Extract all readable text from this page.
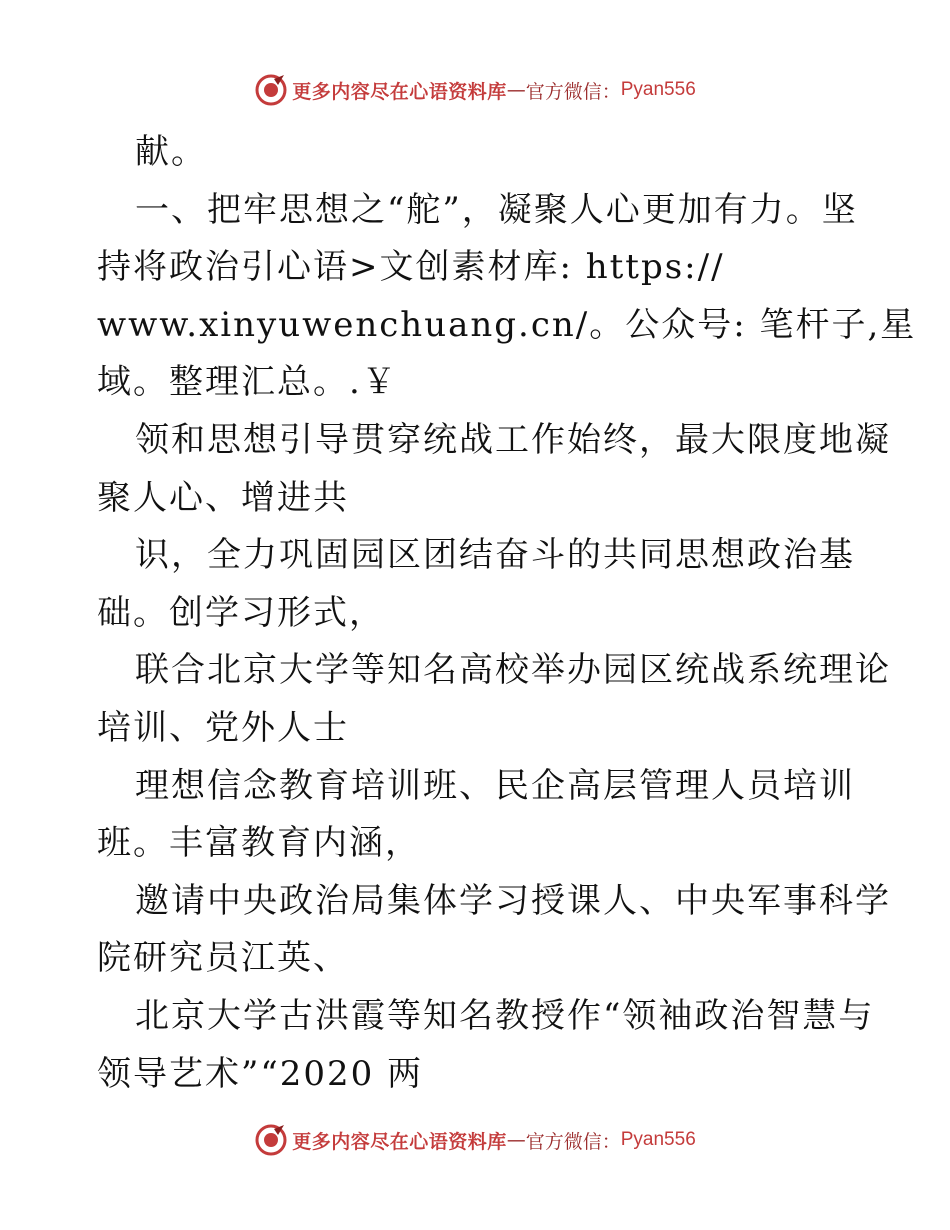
更多内容尽在心语资料库 — 官方微信： Pyan556
献。
一、把牢思想之“舵”，凝聚人心更加有力。坚
持将政治引心语>文创素材库: https://
www.xinyuwenchuang.cn/。公众号: 笔杆子,星
域。整理汇总。.￥
领和思想引导贯穿统战工作始终，最大限度地凝
聚人心、增进共
识，全力巩固园区团结奋斗的共同思想政治基
础。创学习形式，
联合北京大学等知名高校举办园区统战系统理论
培训、党外人士
理想信念教育培训班、民企高层管理人员培训
班。丰富教育内涵，
邀请中央政治局集体学习授课人、中央军事科学
院研究员江英、
北京大学古洪霞等知名教授作“领袖政治智慧与
领导艺术”“2020 两
更多内容尽在心语资料库 — 官方微信： Pyan556
